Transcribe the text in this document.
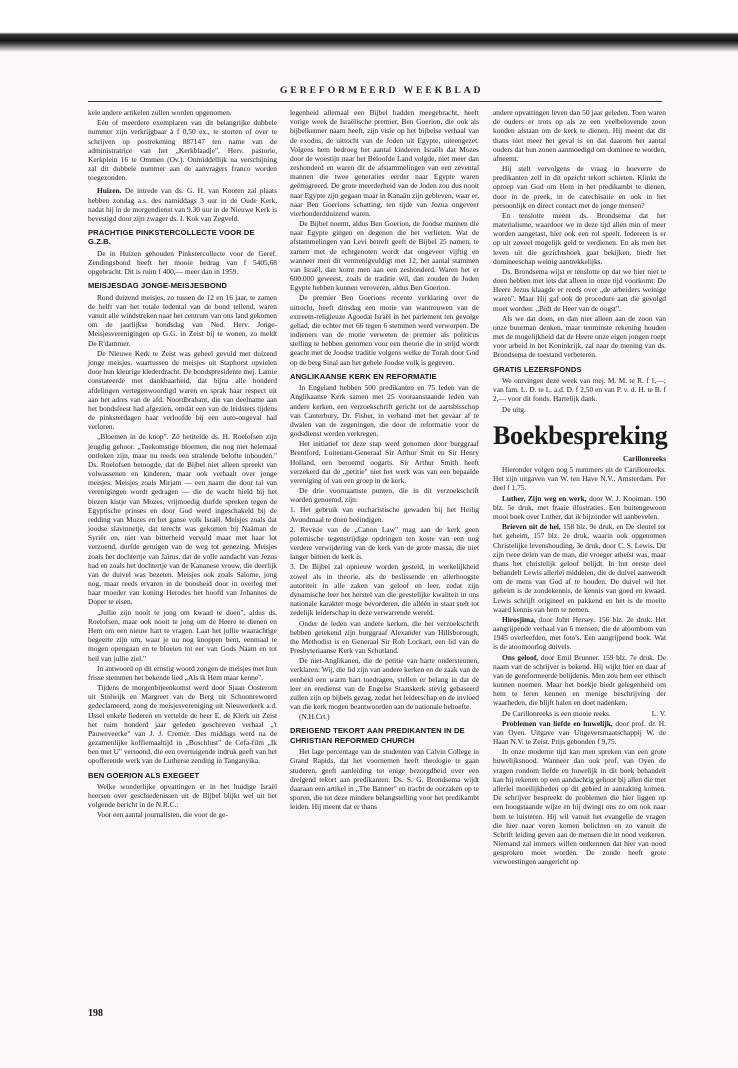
GEREFORMEERD WEEKBLAD

kele andere artikelen zullen worden opgenomen.

Eén of meerdere exemplaren van dit belangrijke dubbele nummer zijn verkrijgbaar à f 0,50 ex., te storten of over te schrijven op postrekening 887147 ten name van de administratrice van het „Kerkblaadje", Herv. pastorie, Kerkplein 16 te Ommen (Ov.). Onmiddellijk na verschijning zal dit dubbele nummer aan de aanvragers franco worden toegezonden.

Huizen. De intrede van ds. G. H. van Kooten zal plaats hebben zondag a.s. des namiddags 3 uur in de Oude Kerk, nadat hij in de morgendienst van 9.30 uur in de Nieuwe Kerk is bevestigd door zijn zwager ds. I. Kok van Zegveld.

PRACHTIGE PINKSTERCOLLECTE VOOR DE G.Z.B.

De in Huizen gehouden Pinkstercollecte voor de Geref. Zendingsbond heeft het mooie bedrag van f 5405,68 opgebracht. Dit is ruim f 400,— meer dan in 1959.

MEISJESDAG JONGE-MEISJESBOND

Rond duizend meisjes, zo tussen de 12 en 16 jaar, te zamen de helft van het totale ledental van de bond tellend, waren vanuit alle windstreken naar het centrum van ons land gekomen om de jaarlijkse bondsdag van Ned. Herv. Jonge-Meisjesverenigingen op G.G. in Zeist bij te wonen, zo meldt De R'dammer.

De Nieuwe Kerk te Zeist was geheel gevuld met duizend jonge meisjes, waartussen de meisjes uit Staphorst opvielen door hun kleurige klederdracht. De bondspresidente mej. Lamie constateerde met dankbaarheid, dat bijna alle honderd afdelingen vertegenwoordigd waren en sprak haar respect uit aan het adres van de afd. Noordbrabant, die van deelname aan het bondsfeest had afgezien, omdat een van de leidsters tijdens de pinksterdagen haar verloofde bij een auto-ongeval had verloren.

„Bloemen in de knop". Zó betitelde ds. H. Roelofsen zijn jeugdig gehoor. „Toekomstige bloemen, die nog niet helemaal ontloken zijn, maar nu reeds een stralende belofte inhouden." Ds. Roelofsen betoogde, dat de Bijbel niet alleen spreekt van volwassenen en kinderen, maar ook verhaalt over jonge meisjes. Meisjes zoals Mirjam — een naam die door tal van verenigingen wordt gedragen — die de wacht hield bij het biezen kistje van Mozes, vrijmoedig durfde spreken tegen de Egyptische prinses en door God werd ingeschakeld bij de redding van Mozes en het ganse volk Israël. Meisjes zoals dat joodse slavinnetje, dat terecht was gekomen bij Naäman de Syriër en, niet van bitterheid vervuld maar met haar lot verzoend, durfde getuigen van de weg tot genezing. Meisjes zoals het dochtertje van Jaïrus, dat de volle aandacht van Jezus had en zoals het dochtertje van de Kananese vrouw, die deerlijk van de duivel was bezeten. Meisjes ook zoals Salome, jong nog, maar reeds ervaren in de boosheid door in overleg met haar moeder van koning Herodes het hoofd van Johannes de Doper te eisen.

„Jullie zijn nooit te jong om kwaad te doen", aldus ds. Roelofsen, maar ook nooit te jong om de Heere te dienen en Hem om een nieuw hart te vragen. Laat het jullie waarachtige begeerte zijn om, waar je nu nog knoppen bent, eenmaal te mogen opengaan en te bloeien tot eer van Gods Naam en tot heil van jullie ziel."

In antwoord op dit ernstig woord zongen de meisjes met hun frisse stemmen het bekende lied „Als ik Hem maar kenne".

Tijdens de morgenbijeenkomst werd door Sjaan Oosterom uit Stolwijk en Margreet van de Berg uit Schoonrewoerd gedeclameerd, zong de meisjesvereniging uit Nieuwerkerk a.d. IJssel enkele liederen en vertelde de heer E. de Klerk uit Zeist het ruim honderd jaar geleden geschreven verhaal „'t Pauweveerke" van J. J. Cremer. Des middags werd na de gezamenlijke koffiemaaltijd in „Boschlust" de Cefa-film „Ik ben met U" vertoond, die een overtuigende indruk geeft van het opofferende werk van de Lutherse zending in Tanganyika.

BEN GOERION ALS EXEGEET

Welke wonderlijke opvattingen er in het huidige Israël heersen over geschiedenissen uit de Bijbel blijkt wel uit het volgende bericht in de N.R.C.:

Voor een aantal journalisten, die voor de ge-

legenheid allemaal een Bijbel hadden meegebracht, heeft vorige week de Israëlische premier, Ben Goerion, die ook als bijbelkenner naam heeft, zijn visie op het bijbelse verhaal van de exodus, de uittocht van de Joden uit Egypte, uiteengezet. Volgens hem bedroeg het aantal kinderen Israëls dat Mozes door de woestijn naar het Beloofde Land volgde, niet meer dan zeshonderd en waren dit de afstammelingen van een zevental mannen die twee generaties eerder naar Egypte waren geëmigreerd. De grote meerderheid van de Joden zou dus nooit naar Egypte zijn gegaan maar in Kanaän zijn gebleven, waar er, naar Ben Goerions schatting, ten tijde van Jozua ongeveer vierhonderdduizend waren.

De Bijbel noemt, aldus Ben Goerion, de Joodse mannen die naar Egypte gingen en degenen die het verlieten. Wat de afstammelingen van Levi betreft geeft de Bijbel 25 namen, te zamen met de echtgenoten wordt dat ongeveer vijftig en wanneer men dit vermenigvuldigt met 12, het aantal stammen van Israël, dan komt men aan een zeshonderd. Waren het er 600.000 geweest, zoals de traditie wil, dan zouden de Joden Egypte hebben kunnen veroveren, aldus Ben Goerion.

De premier Ben Goerions recente verklaring over de uittocht, heeft dinsdag een motie van wantrouwen van de extreem-religieuze Agoedat Israël in het parlement ten gevolge gehad, die echter met 66 tegen 6 stemmen werd verworpen. De indieners van de motie verweten de premier als politicus stelling te hebben genomen voor een theorie die in strijd wordt geacht met de Joodse traditie volgens welke de Torah door God op de berg Sinaï aan het gehele Joodse volk is gegeven.

ANGLIKAANSE KERK EN REFORMATIE

In Engeland hebben 500 predikanten en 75 leden van de Anglikaanse Kerk samen met 25 vooraanstaande leden van andere kerken, een verzoekschrift gericht tot de aartsbisschop van Canterbury, Dr. Fisher, in verband met het gevaar af te dwalen van de zegeningen, die door de reformatie voor de godsdienst werden verkregen.

Het initiatief tot deze stap werd genomen door burggraaf Brentford, Luitenant-Generaal Sir Arthur Smit en Sir Henry Holland, een beroemd oogarts. Sir Arthur Smith heeft verzekerd dat de „petitie" niet het werk was van een bepaalde vereniging of van een groep in de kerk.

De drie voornaamste punten, die in dit verzoekschrift worden genoemd, zijn:

1. Het gebruik van eucharistische gewaden bij het Heilig Avondmaal te doen beëindigen.

2. Revisie van de „Canon Law" mag aan de kerk geen polemische tegenstrijdige opdringen ten koste van een nog verdere verwijdering van de kerk van de grote massa, die niet langer binnen de kerk is.

3. De Bijbel zal opnieuw worden gesteld, in werkelijkheid zowel als in theorie, als de beslissende en allerhoogste autoriteit in alle zaken van geloof en leer, zodat zijn dynamische leer het herstel van die geestelijke kwaliteit in ons nationale karakter moge bevorderen, die alléén in staat stelt tot zedelijk leiderschap in deze verwarrende wereld.

Onder de leden van andere kerken, die het verzoekschrift hebben getekend zijn burggraaf Alexander van Hillsborough, the Methodist is en Generaal Sir Rob Lockart, een lid van de Presbyteriaanse Kerk van Schotland.

De niet-Anglikanen, die de petitie van harte ondersteunen, verklaren: Wij, die lid zijn van andere kerken en de zaak van de eenheid een warm hart toedragen, stellen er belang in dat de leer en eredienst van de Engelse Staatskerk stevig gebaseerd zullen zijn op bijbels gezag, zodat het leiderschap en de invloed van die kerk mogen beantwoorden aan de nationale behoefte.

(N.H.Crt.)

DREIGEND TEKORT AAN PREDIKANTEN IN DE CHRISTIAN REFORMED CHURCH

Het lage percentage van de studenten van Calvin College in Grand Rapids, dat het voornemen heeft theologie te gaan studeren, geeft aanleiding tot enige bezorgdheid over een dreigend tekort aan predikanten. Ds. S. G. Brondsema wijdt daaraan een artikel in „The Banner" en tracht de oorzaken op te sporen, die tot deze mindere belangstelling voor het predikambt leiden. Hij meent dat er thans

andere opvattingen leven dan 50 jaar geleden. Toen waren de ouders er trots op als ze een veelbelovende zoon konden afstaan om de kerk te dienen. Hij meent dat dit thans niet meer het geval is en dat daarom het aantal ouders dat hun zonen aanmoedigd om dominee te worden, afneemt.

Hij stelt vervolgens de vraag in hoeverre de predikanten zelf in dit opzicht tekort schieten. Klinkt de oproep van God om Hem in het predikambt te dienen, door in de preek, in de catechisatie en ook in het persoonlijk en direct contact met de jonge mensen?

En tenslotte meent ds. Brondsema dat het materialisme, waardoor we in deze tijd allen min of meer worden aangetast, hier ook een rol speelt. Iedereen is er op uit zoveel mogelijk geld te verdienen. En als men het leven uit die gezichtshoek gaat bekijken, biedt het domineeschap weinig aantrekkelijks.

Ds. Brondsema wijst er tenslotte op dat we hier niet te doen hebben met iets dat alleen in onze tijd voorkomt: De Heere Jezus klaagde er reeds over „de arbeiders weinige waren". Maar Hij gaf ook de procedure aan die gevolgd moet worden: „Bidt de Heer van de oogst".

Als we dat doen, en dan niet alleen aan de zoon van onze buurman denken, maar tenminste rekening houden met de mogelijkheid dat de Heere onze eigen jongen roept voor arbeid in het Koninkrijk, zal naar de mening van ds. Brondsema de toestand verbeteren.

GRATIS LEZERSFONDS

We ontvingen deze week van mej. M. M. te R. f 1,—; van fam. L. D. te L. a.d. D. f 2,50 en van P. v. d. H. te B. f 2,— voor dit fonds. Hartelijk dank.

De uitg.

Boekbespreking
Carillonreeks

Hieronder volgen nog 5 nummers uit de Carillonreeks. Het zijn uitgaven van W. ten Have N.V., Amsterdam. Per deel f 1,75.

Luther, Zijn weg en werk, door W. J. Kooiman. 190 blz. 5e druk, met fraaie illustraties. Een buitengewoon mooi boek over Luther, dat ik bijzonder wil aanbevelen.

Brieven uit de hel, 158 blz. 9e druk, en De sleutel tot het geheim, 157 blz. 2e druk, waarin ook opgenomen Christelijke levenshouding, 3e druk, door C. S. Lewis. Dit zijn twee delen van de man, die vroeger atheïst was, maar thans het christelijk geloof belijdt. In het eerste deel behandelt Lewis allerlei middelen, die de duivel aanwendt om de mens van God af te houden. De duivel wil het geheim is de zondekennis, de kennis van goed en kwaad. Lewis schrijft origineel en pakkend en het is de moeite waard kennis van hem te nemen.

Hirosjima, door John Hersey. 156 blz. 2e druk. Het aangrijpende verhaal van 6 mensen, die de atoombom van 1945 overleefden, met foto's. Een aangrijpend boek. Wat is de atoomoorlog duivels.

Ons geloof, door Emil Brunner. 159 blz. 7e druk. De naam van de schrijver is bekend. Hij wijkt hier en daar af van de gereformeerde belijdenis. Men zou hem eer ethisch kunnen noemen. Maar het boekje biedt gelegenheid om hem te leren kennen en menige beschrijving der waarheden, die blijft halen en doet nadenken.

De Carillonreeks is een mooie reeks.	L. V.

Problemen van liefde en huwelijk, door prof. dr. H. van Oyen. Uitgave van Uitgeversmaatschappij W. de Haan N.V. te Zeist. Prijs gebonden f 9,75.

In onze moderne tijd kan men spreken van een grote huwelijksnood. Wanneer dan ook prof. van Oyen de vragen rondom liefde en huwelijk in dit boek behandelt kan hij rekenen op een aandachtig gehoor bij allen die met allerlei moeilijkheden op dit gebied in aanraking komen. De schrijver bespreekt de problemen die hier liggen op een hoogstaande wijze en hij dwingt ons zo om ook naar hem te luisteren. Hij wil vanuit het evangelie de vragen die hier naar voren komen belichten en zo vanuit de Schrift leiding geven aan de mensen die in nood verkeren. Niemand zal immers willen ontkennen dat hier van nood gesproken moet worden. De zonde heeft grote verwoestingen aangericht op

198
